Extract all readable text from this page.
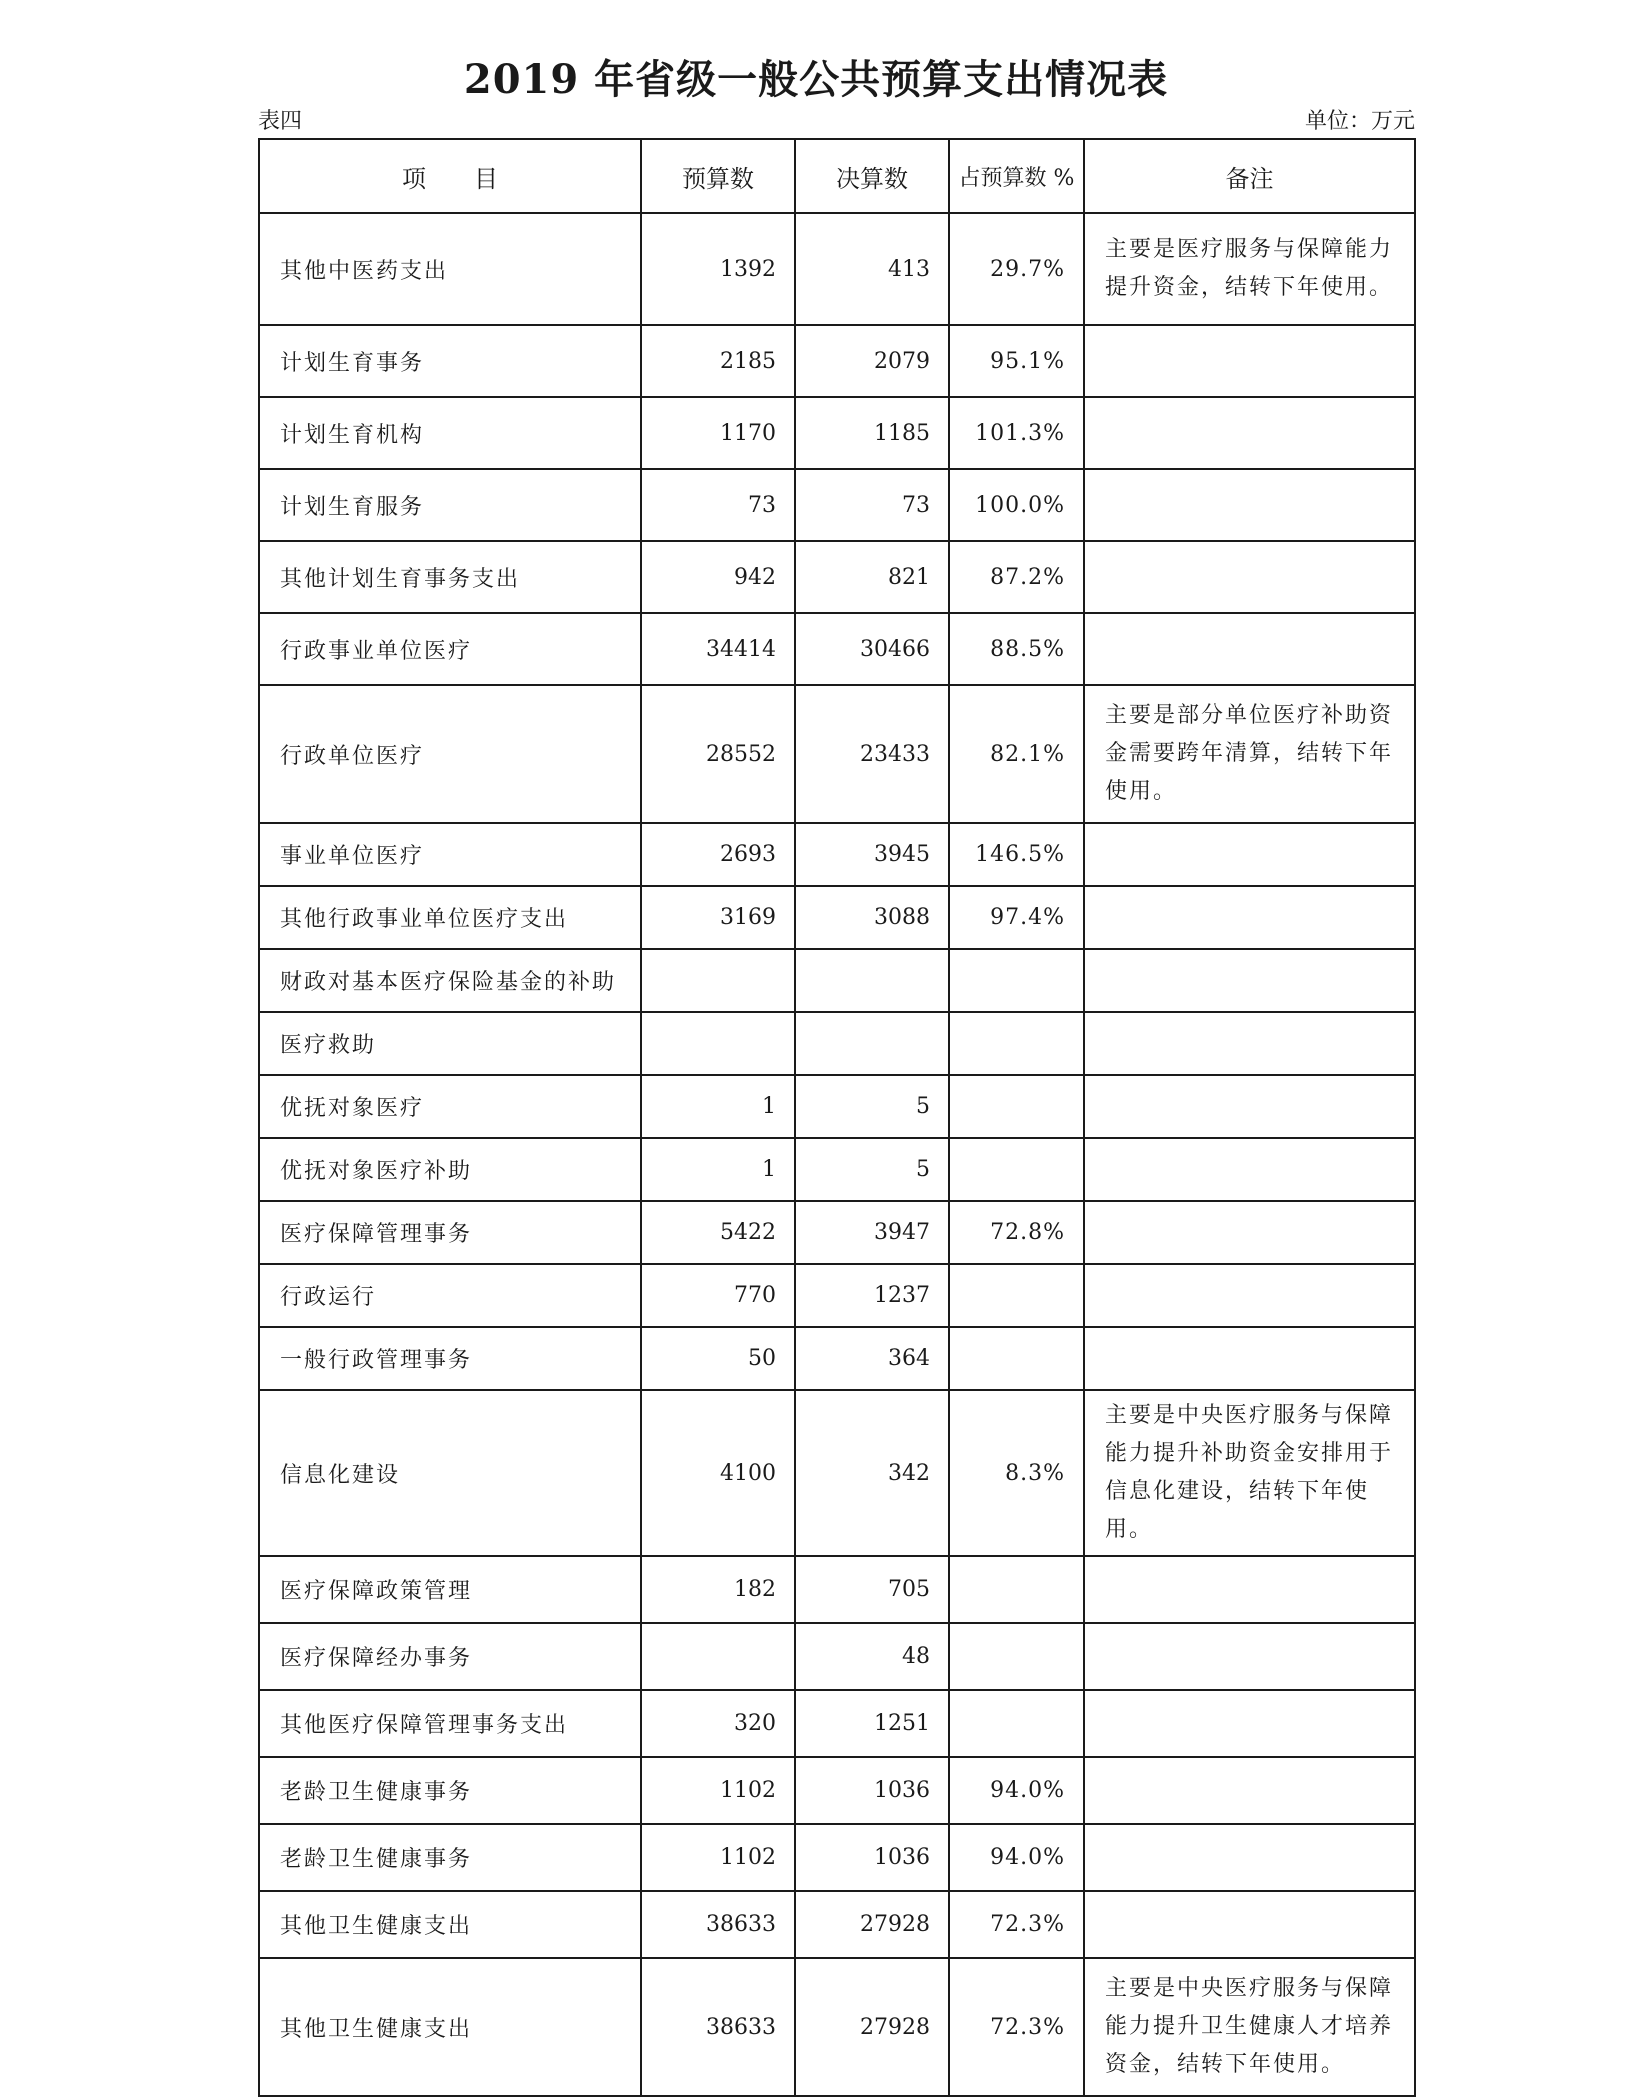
2019 年省级一般公共预算支出情况表
表四	单位：万元
项　　目	预算数	决算数	占预算数 %	备注
其他中医药支出	1392	413	29.7%	主要是医疗服务与保障能力提升资金，结转下年使用。
计划生育事务	2185	2079	95.1%	
计划生育机构	1170	1185	101.3%	
计划生育服务	73	73	100.0%	
其他计划生育事务支出	942	821	87.2%	
行政事业单位医疗	34414	30466	88.5%	
行政单位医疗	28552	23433	82.1%	主要是部分单位医疗补助资金需要跨年清算，结转下年使用。
事业单位医疗	2693	3945	146.5%	
其他行政事业单位医疗支出	3169	3088	97.4%	
财政对基本医疗保险基金的补助				
医疗救助				
优抚对象医疗	1	5		
优抚对象医疗补助	1	5		
医疗保障管理事务	5422	3947	72.8%	
行政运行	770	1237		
一般行政管理事务	50	364		
信息化建设	4100	342	8.3%	主要是中央医疗服务与保障能力提升补助资金安排用于信息化建设，结转下年使用。
医疗保障政策管理	182	705		
医疗保障经办事务		48		
其他医疗保障管理事务支出	320	1251		
老龄卫生健康事务	1102	1036	94.0%	
老龄卫生健康事务	1102	1036	94.0%	
其他卫生健康支出	38633	27928	72.3%	
其他卫生健康支出	38633	27928	72.3%	主要是中央医疗服务与保障能力提升卫生健康人才培养资金，结转下年使用。
